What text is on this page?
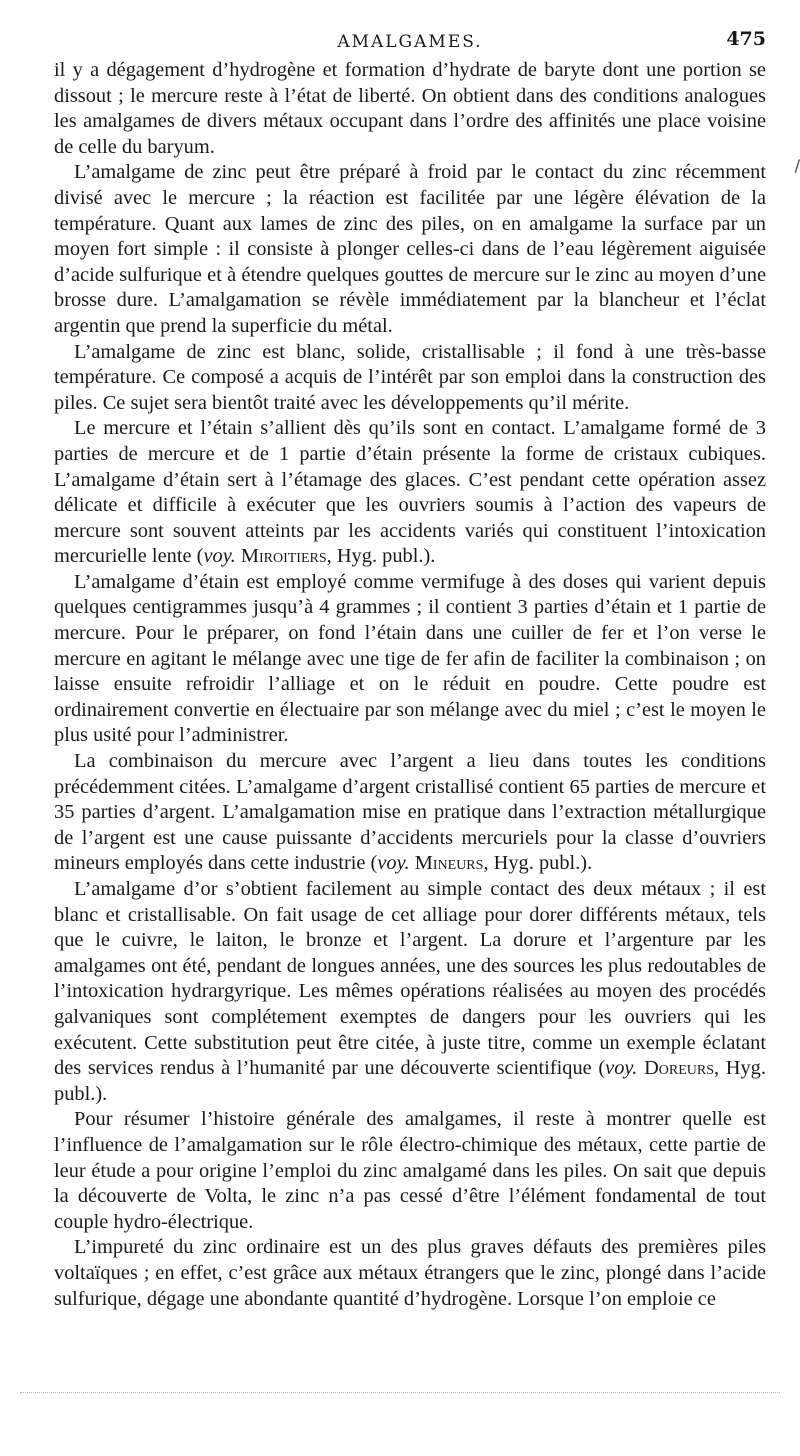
AMALGAMES.	475
/

il y a dégagement d’hydrogène et formation d’hydrate de baryte dont une portion se dissout ; le mercure reste à l’état de liberté. On obtient dans des conditions analogues les amalgames de divers métaux occupant dans l’ordre des affinités une place voisine de celle du baryum.

L’amalgame de zinc peut être préparé à froid par le contact du zinc récemment divisé avec le mercure ; la réaction est facilitée par une légère élévation de la température. Quant aux lames de zinc des piles, on en amalgame la surface par un moyen fort simple : il consiste à plonger celles-ci dans de l’eau légèrement aiguisée d’acide sulfurique et à étendre quelques gouttes de mercure sur le zinc au moyen d’une brosse dure. L’amalgamation se révèle immédiatement par la blancheur et l’éclat argentin que prend la superficie du métal.

L’amalgame de zinc est blanc, solide, cristallisable ; il fond à une très-basse température. Ce composé a acquis de l’intérêt par son emploi dans la construction des piles. Ce sujet sera bientôt traité avec les développements qu’il mérite.

Le mercure et l’étain s’allient dès qu’ils sont en contact. L’amalgame formé de 3 parties de mercure et de 1 partie d’étain présente la forme de cristaux cubiques. L’amalgame d’étain sert à l’étamage des glaces. C’est pendant cette opération assez délicate et difficile à exécuter que les ouvriers soumis à l’action des vapeurs de mercure sont souvent atteints par les accidents variés qui constituent l’intoxication mercurielle lente (voy. Miroitiers, Hyg. publ.).

L’amalgame d’étain est employé comme vermifuge à des doses qui varient depuis quelques centigrammes jusqu’à 4 grammes ; il contient 3 parties d’étain et 1 partie de mercure. Pour le préparer, on fond l’étain dans une cuiller de fer et l’on verse le mercure en agitant le mélange avec une tige de fer afin de faciliter la combinaison ; on laisse ensuite refroidir l’alliage et on le réduit en poudre. Cette poudre est ordinairement convertie en électuaire par son mélange avec du miel ; c’est le moyen le plus usité pour l’administrer.

La combinaison du mercure avec l’argent a lieu dans toutes les conditions précédemment citées. L’amalgame d’argent cristallisé contient 65 parties de mercure et 35 parties d’argent. L’amalgamation mise en pratique dans l’extraction métallurgique de l’argent est une cause puissante d’accidents mercuriels pour la classe d’ouvriers mineurs employés dans cette industrie (voy. Mineurs, Hyg. publ.).

L’amalgame d’or s’obtient facilement au simple contact des deux métaux ; il est blanc et cristallisable. On fait usage de cet alliage pour dorer différents métaux, tels que le cuivre, le laiton, le bronze et l’argent. La dorure et l’argenture par les amalgames ont été, pendant de longues années, une des sources les plus redoutables de l’intoxication hydrargyrique. Les mêmes opérations réalisées au moyen des procédés galvaniques sont complétement exemptes de dangers pour les ouvriers qui les exécutent. Cette substitution peut être citée, à juste titre, comme un exemple éclatant des services rendus à l’humanité par une découverte scientifique (voy. Doreurs, Hyg. publ.).

Pour résumer l’histoire générale des amalgames, il reste à montrer quelle est l’influence de l’amalgamation sur le rôle électro-chimique des métaux, cette partie de leur étude a pour origine l’emploi du zinc amalgamé dans les piles. On sait que depuis la découverte de Volta, le zinc n’a pas cessé d’être l’élément fondamental de tout couple hydro-électrique.

L’impureté du zinc ordinaire est un des plus graves défauts des premières piles voltaïques ; en effet, c’est grâce aux métaux étrangers que le zinc, plongé dans l’acide sulfurique, dégage une abondante quantité d’hydrogène. Lorsque l’on emploie ce
